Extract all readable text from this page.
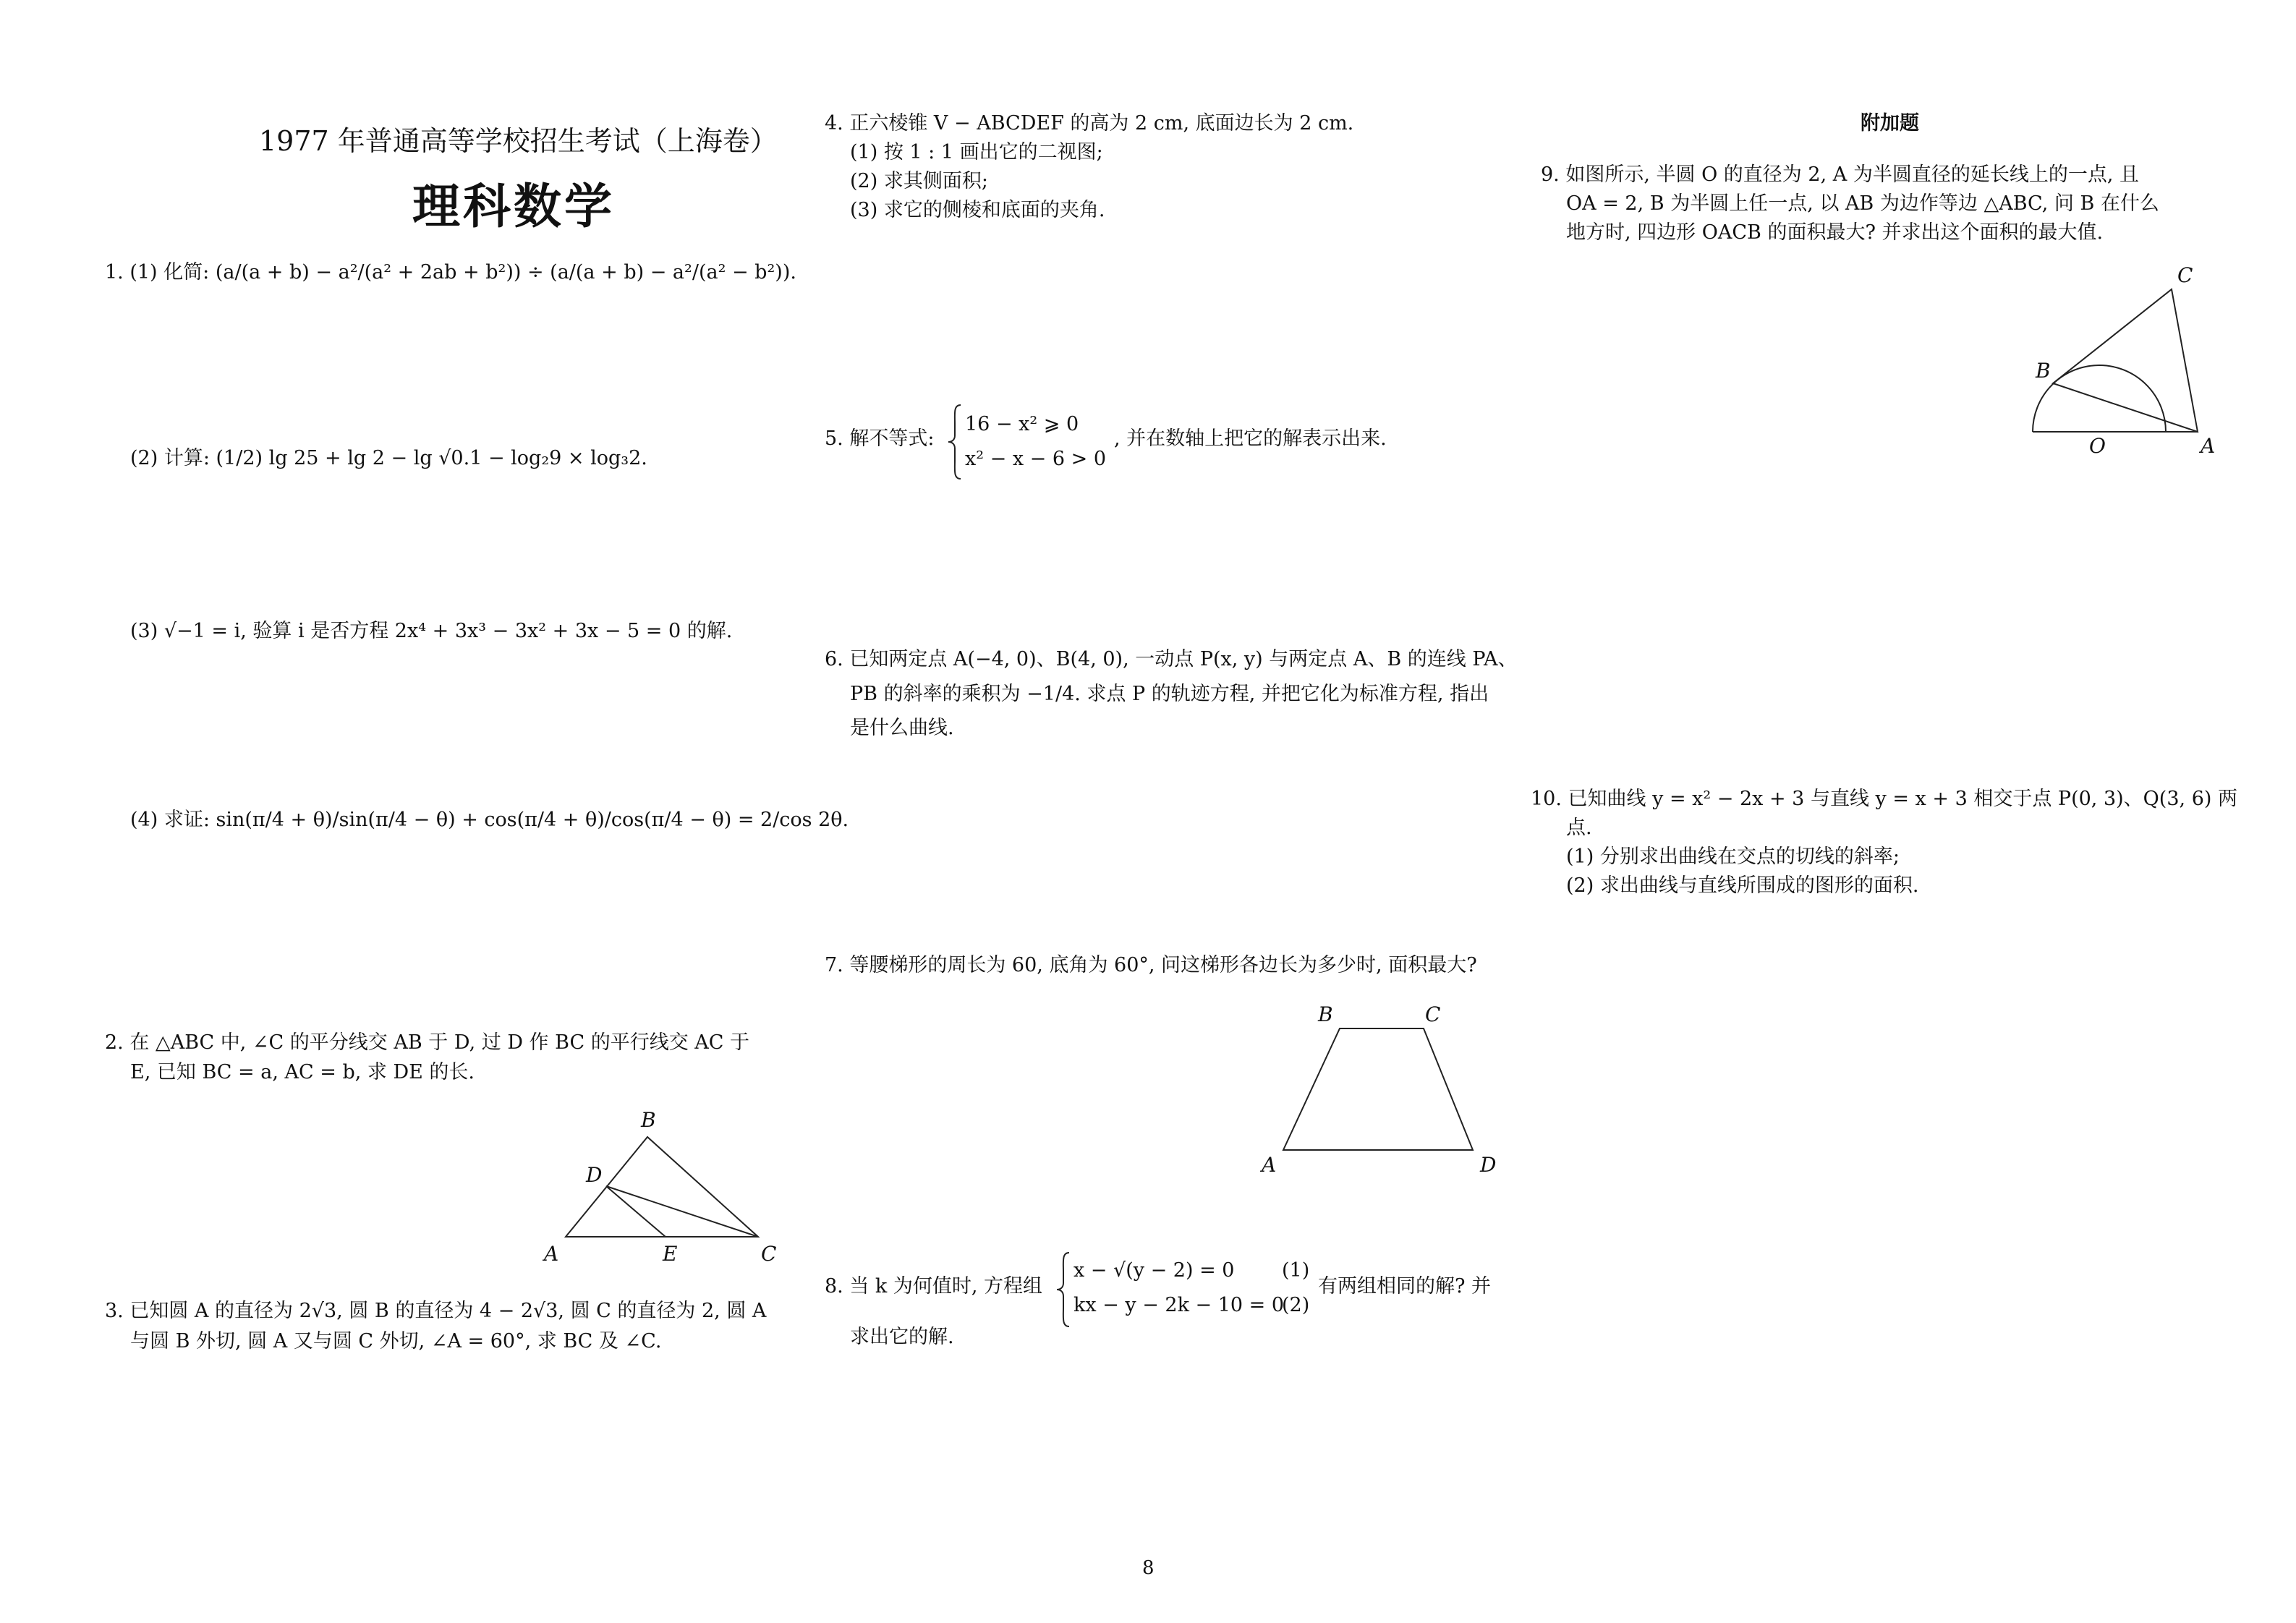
1977 年普通高等学校招生考试（上海卷）
理科数学
1. (1) 化简: (a/(a + b) − a²/(a² + 2ab + b²)) ÷ (a/(a + b) − a²/(a² − b²)).
(2) 计算: (1/2) lg 25 + lg 2 − lg √0.1 − log₂9 × log₃2.
(3) √−1 = i, 验算 i 是否方程 2x⁴ + 3x³ − 3x² + 3x − 5 = 0 的解.
(4) 求证: sin(π/4 + θ)/sin(π/4 − θ) + cos(π/4 + θ)/cos(π/4 − θ) = 2/cos 2θ.
2. 在 △ABC 中, ∠C 的平分线交 AB 于 D, 过 D 作 BC 的平行线交 AC 于
E, 已知 BC = a, AC = b, 求 DE 的长.
B
D
A	E	C
3. 已知圆 A 的直径为 2√3, 圆 B 的直径为 4 − 2√3, 圆 C 的直径为 2, 圆 A
与圆 B 外切, 圆 A 又与圆 C 外切, ∠A = 60°, 求 BC 及 ∠C.
4. 正六棱锥 V − ABCDEF 的高为 2 cm, 底面边长为 2 cm.
(1) 按 1 : 1 画出它的二视图;
(2) 求其侧面积;
(3) 求它的侧棱和底面的夹角.
5. 解不等式:
16 − x² ⩾ 0
x² − x − 6 > 0
, 并在数轴上把它的解表示出来.
6. 已知两定点 A(−4, 0)、B(4, 0), 一动点 P(x, y) 与两定点 A、B 的连线 PA、
PB 的斜率的乘积为 −1/4. 求点 P 的轨迹方程, 并把它化为标准方程, 指出
是什么曲线.
7. 等腰梯形的周长为 60, 底角为 60°, 问这梯形各边长为多少时, 面积最大?
B	C
A	D
8. 当 k 为何值时, 方程组
x − √(y − 2) = 0
kx − y − 2k − 10 = 0
(1)
(2)
有两组相同的解? 并
求出它的解.
附加题
9. 如图所示, 半圆 O 的直径为 2, A 为半圆直径的延长线上的一点, 且
OA = 2, B 为半圆上任一点, 以 AB 为边作等边 △ABC, 问 B 在什么
地方时, 四边形 OACB 的面积最大? 并求出这个面积的最大值.
C
B
O	A
10. 已知曲线 y = x² − 2x + 3 与直线 y = x + 3 相交于点 P(0, 3)、Q(3, 6) 两
点.
(1) 分别求出曲线在交点的切线的斜率;
(2) 求出曲线与直线所围成的图形的面积.
8
